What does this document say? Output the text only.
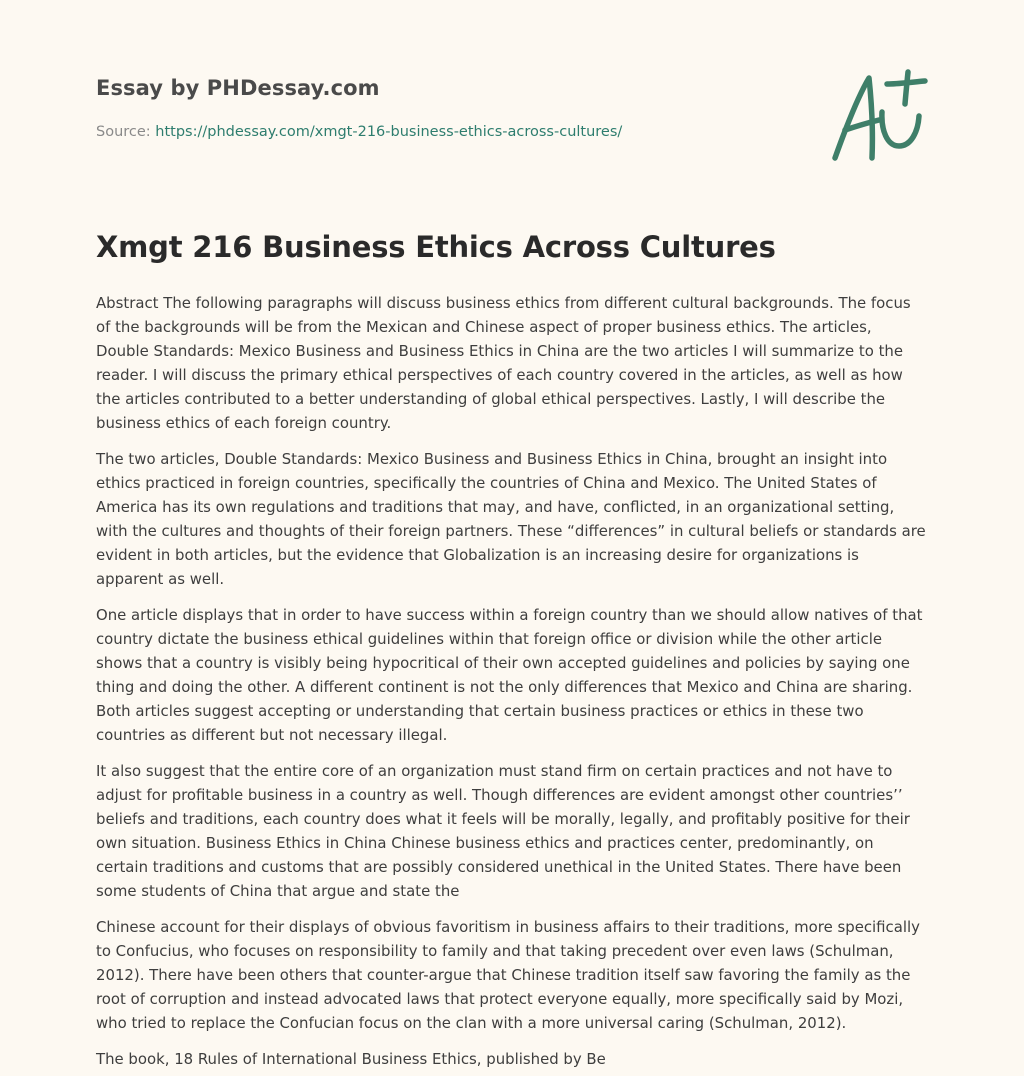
Essay by PHDessay.com
Source: https://phdessay.com/xmgt-216-business-ethics-across-cultures/
Xmgt 216 Business Ethics Across Cultures

Abstract The following paragraphs will discuss business ethics from different cultural backgrounds. The focus of the backgrounds will be from the Mexican and Chinese aspect of proper business ethics. The articles, Double Standards: Mexico Business and Business Ethics in China are the two articles I will summarize to the reader. I will discuss the primary ethical perspectives of each country covered in the articles, as well as how the articles contributed to a better understanding of global ethical perspectives. Lastly, I will describe the business ethics of each foreign country.

The two articles, Double Standards: Mexico Business and Business Ethics in China, brought an insight into ethics practiced in foreign countries, specifically the countries of China and Mexico. The United States of America has its own regulations and traditions that may, and have, conflicted, in an organizational setting, with the cultures and thoughts of their foreign partners. These “differences” in cultural beliefs or standards are evident in both articles, but the evidence that Globalization is an increasing desire for organizations is apparent as well.

One article displays that in order to have success within a foreign country than we should allow natives of that country dictate the business ethical guidelines within that foreign office or division while the other article shows that a country is visibly being hypocritical of their own accepted guidelines and policies by saying one thing and doing the other. A different continent is not the only differences that Mexico and China are sharing. Both articles suggest accepting or understanding that certain business practices or ethics in these two countries as different but not necessary illegal.

It also suggest that the entire core of an organization must stand firm on certain practices and not have to adjust for profitable business in a country as well. Though differences are evident amongst other countries’’ beliefs and traditions, each country does what it feels will be morally, legally, and profitably positive for their own situation. Business Ethics in China Chinese business ethics and practices center, predominantly, on certain traditions and customs that are possibly considered unethical in the United States. There have been some students of China that argue and state the

Chinese account for their displays of obvious favoritism in business affairs to their traditions, more specifically to Confucius, who focuses on responsibility to family and that taking precedent over even laws (Schulman, 2012). There have been others that counter-argue that Chinese tradition itself saw favoring the family as the root of corruption and instead advocated laws that protect everyone equally, more specifically said by Mozi, who tried to replace the Confucian focus on the clan with a more universal caring (Schulman, 2012).

The book, 18 Rules of International Business Ethics, published by Be
